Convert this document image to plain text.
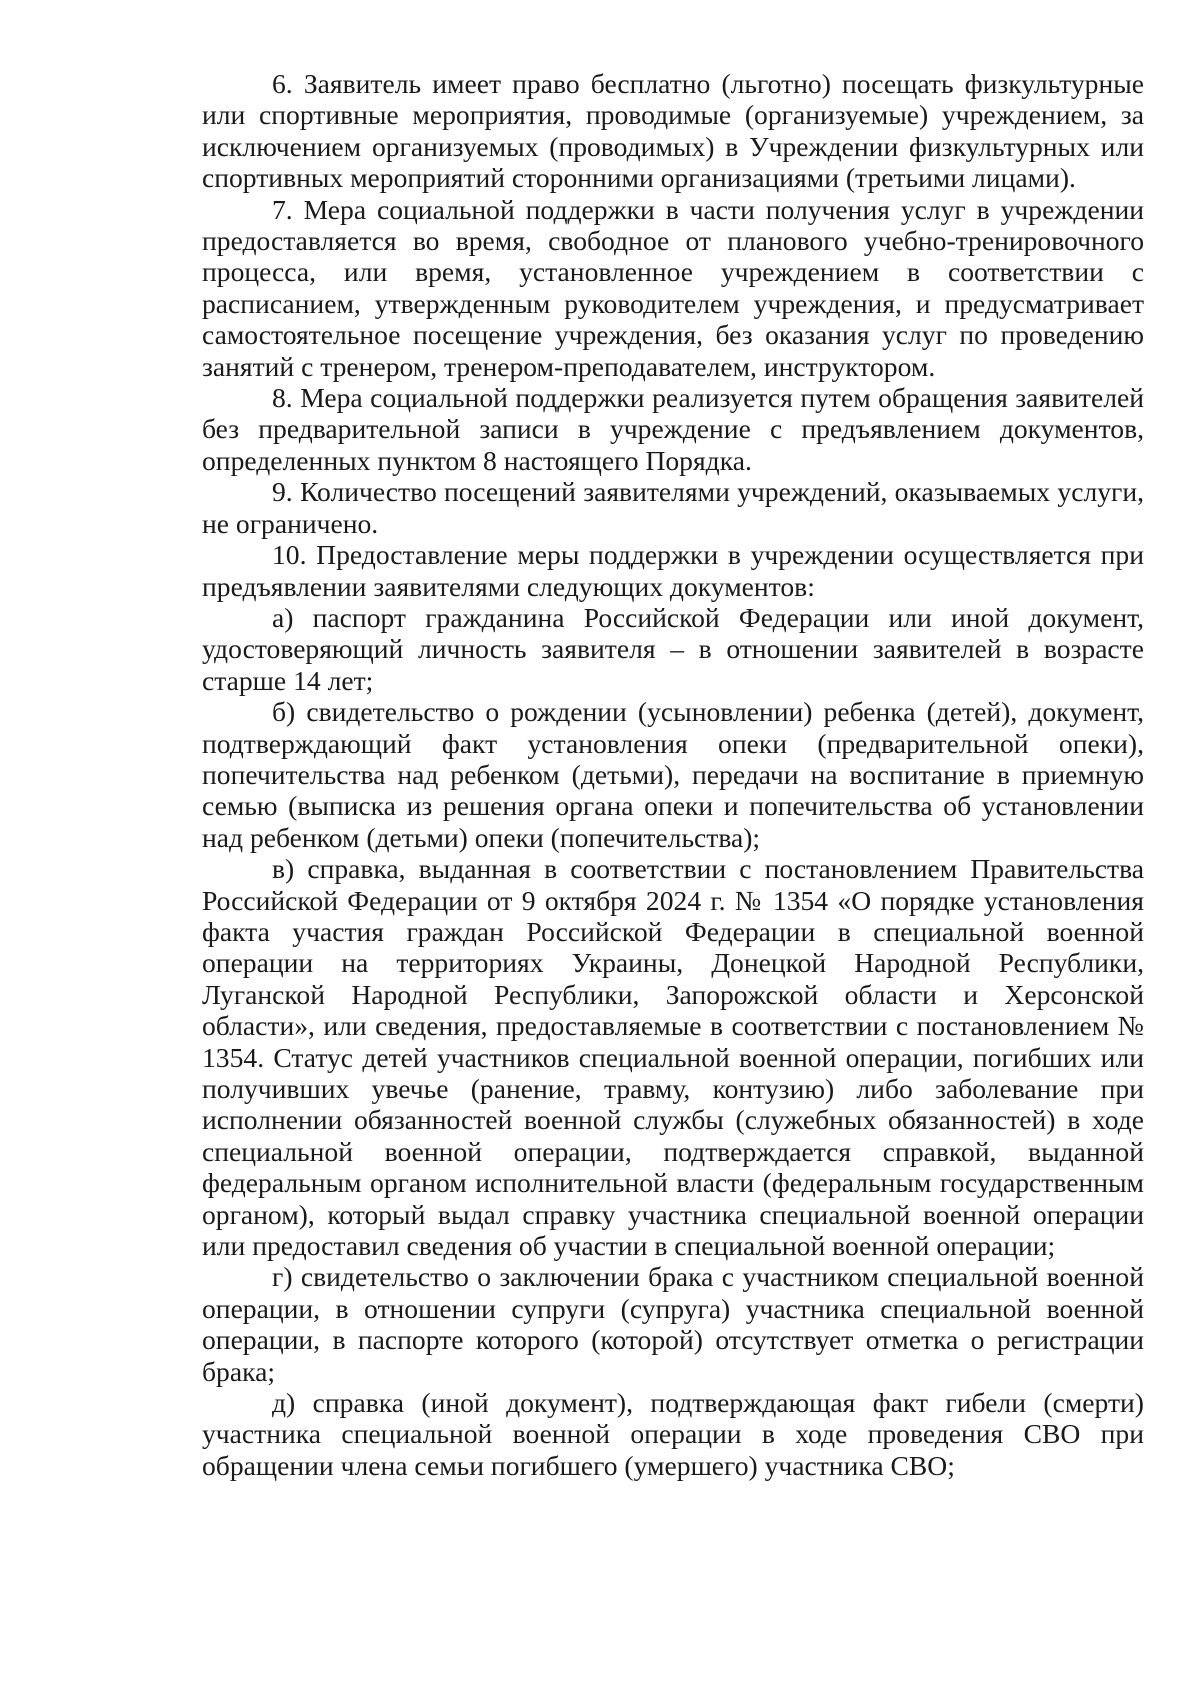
6. Заявитель имеет право бесплатно (льготно) посещать физкультурные или спортивные мероприятия, проводимые (организуемые) учреждением, за исключением организуемых (проводимых) в Учреждении физкультурных или спортивных мероприятий сторонними организациями (третьими лицами).

7. Мера социальной поддержки в части получения услуг в учреждении предоставляется во время, свободное от планового учебно-тренировочного процесса, или время, установленное учреждением в соответствии с расписанием, утвержденным руководителем учреждения, и предусматривает самостоятельное посещение учреждения, без оказания услуг по проведению занятий с тренером, тренером-преподавателем, инструктором.

8. Мера социальной поддержки реализуется путем обращения заявителей без предварительной записи в учреждение с предъявлением документов, определенных пунктом 8 настоящего Порядка.

9. Количество посещений заявителями учреждений, оказываемых услуги, не ограничено.

10. Предоставление меры поддержки в учреждении осуществляется при предъявлении заявителями следующих документов:

а) паспорт гражданина Российской Федерации или иной документ, удостоверяющий личность заявителя – в отношении заявителей в возрасте старше 14 лет;

б) свидетельство о рождении (усыновлении) ребенка (детей), документ, подтверждающий факт установления опеки (предварительной опеки), попечительства над ребенком (детьми), передачи на воспитание в приемную семью (выписка из решения органа опеки и попечительства об установлении над ребенком (детьми) опеки (попечительства);

в) справка, выданная в соответствии с постановлением Правительства Российской Федерации от 9 октября 2024 г. № 1354 «О порядке установления факта участия граждан Российской Федерации в специальной военной операции на территориях Украины, Донецкой Народной Республики, Луганской Народной Республики, Запорожской области и Херсонской области», или сведения, предоставляемые в соответствии с постановлением № 1354. Статус детей участников специальной военной операции, погибших или получивших увечье (ранение, травму, контузию) либо заболевание при исполнении обязанностей военной службы (служебных обязанностей) в ходе специальной военной операции, подтверждается справкой, выданной федеральным органом исполнительной власти (федеральным государственным органом), который выдал справку участника специальной военной операции или предоставил сведения об участии в специальной военной операции;

г) свидетельство о заключении брака с участником специальной военной операции, в отношении супруги (супруга) участника специальной военной операции, в паспорте которого (которой) отсутствует отметка о регистрации брака;

д) справка (иной документ), подтверждающая факт гибели (смерти) участника специальной военной операции в ходе проведения СВО при обращении члена семьи погибшего (умершего) участника СВО;
